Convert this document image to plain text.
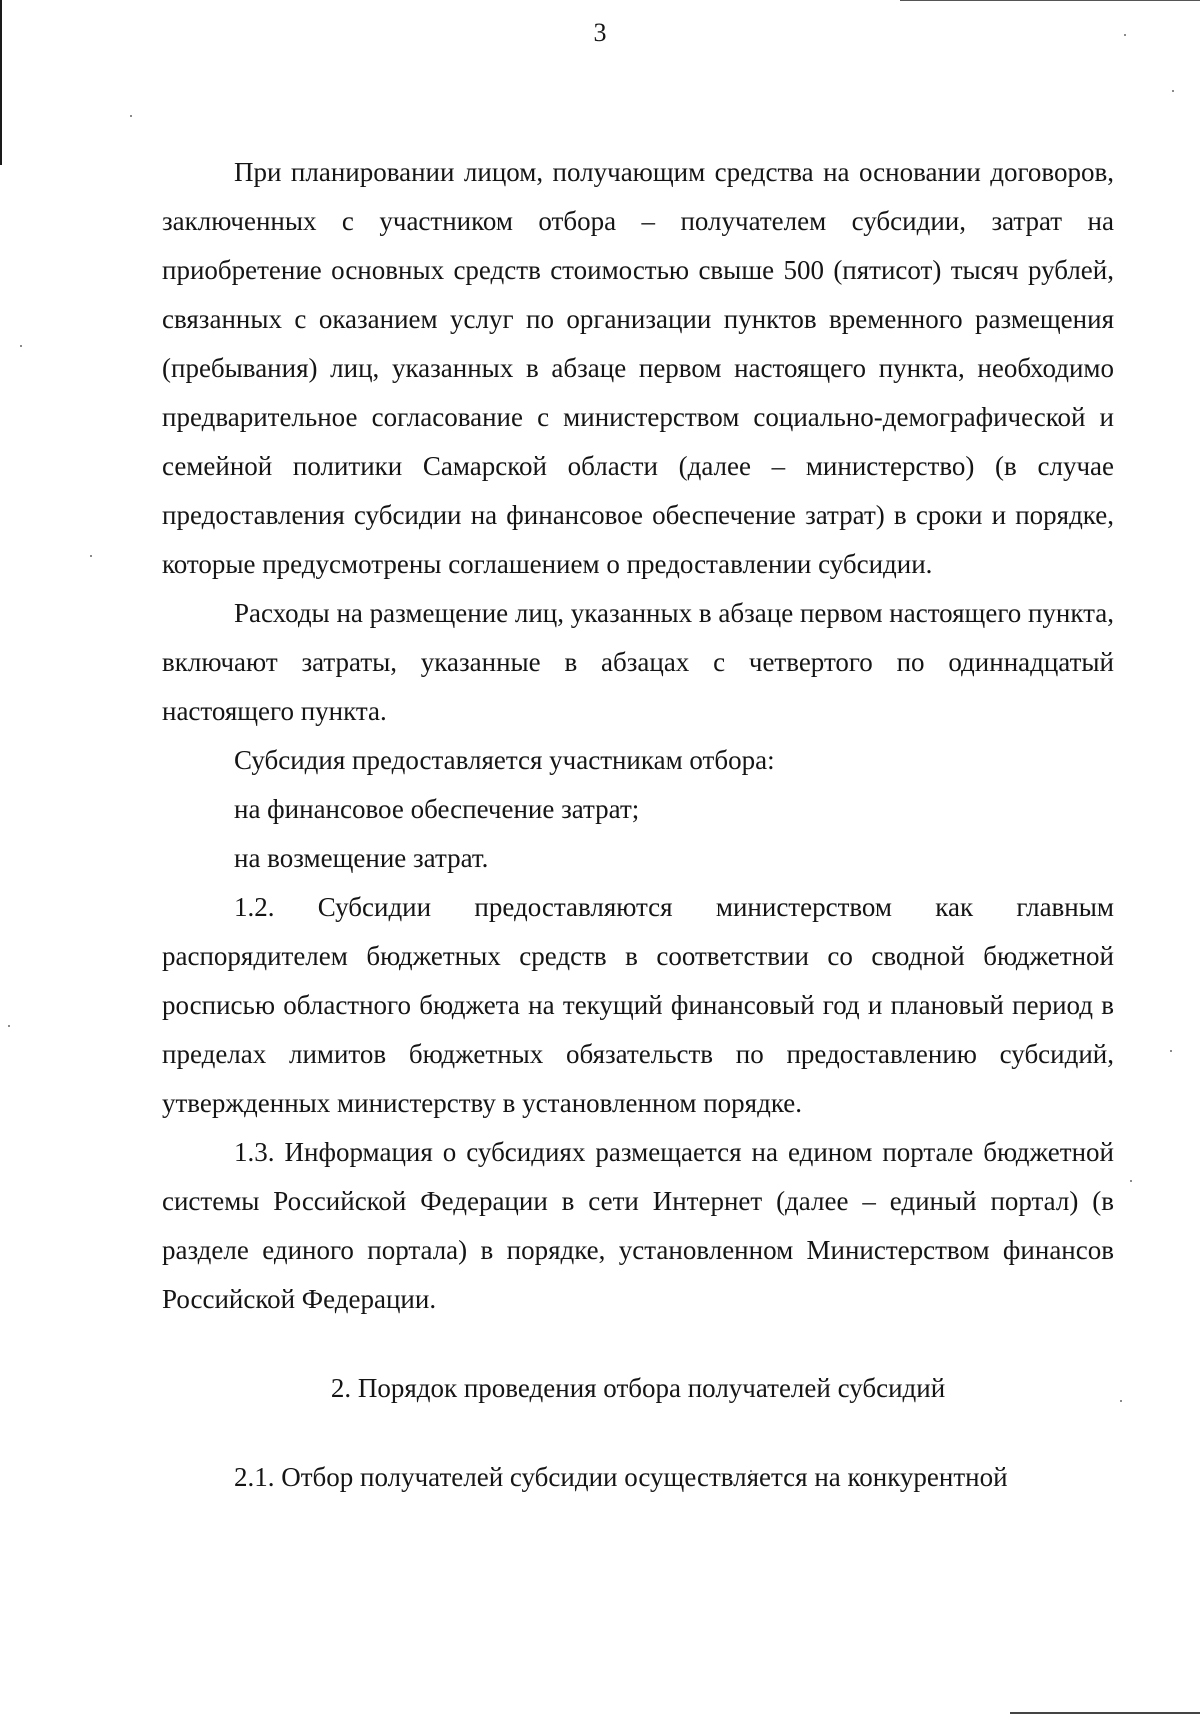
3

При планировании лицом, получающим средства на основании договоров, заключенных с участником отбора – получателем субсидии, затрат на приобретение основных средств стоимостью свыше 500 (пятисот) тысяч рублей, связанных с оказанием услуг по организации пунктов временного размещения (пребывания) лиц, указанных в абзаце первом настоящего пункта, необходимо предварительное согласование с министерством социально-демографической и семейной политики Самарской области (далее – министерство) (в случае предоставления субсидии на финансовое обеспечение затрат) в сроки и порядке, которые предусмотрены соглашением о предоставлении субсидии.

Расходы на размещение лиц, указанных в абзаце первом настоящего пункта, включают затраты, указанные в абзацах с четвертого по одиннадцатый настоящего пункта.

Субсидия предоставляется участникам отбора:

на финансовое обеспечение затрат;

на возмещение затрат.

1.2. Субсидии предоставляются министерством как главным распорядителем бюджетных средств в соответствии со сводной бюджетной росписью областного бюджета на текущий финансовый год и плановый период в пределах лимитов бюджетных обязательств по предоставлению субсидий, утвержденных министерству в установленном порядке.

1.3. Информация о субсидиях размещается на едином портале бюджетной системы Российской Федерации в сети Интернет (далее – единый портал) (в разделе единого портала) в порядке, установленном Министерством финансов Российской Федерации.

2. Порядок проведения отбора получателей субсидий

2.1. Отбор получателей субсидии осуществляется на конкурентной
